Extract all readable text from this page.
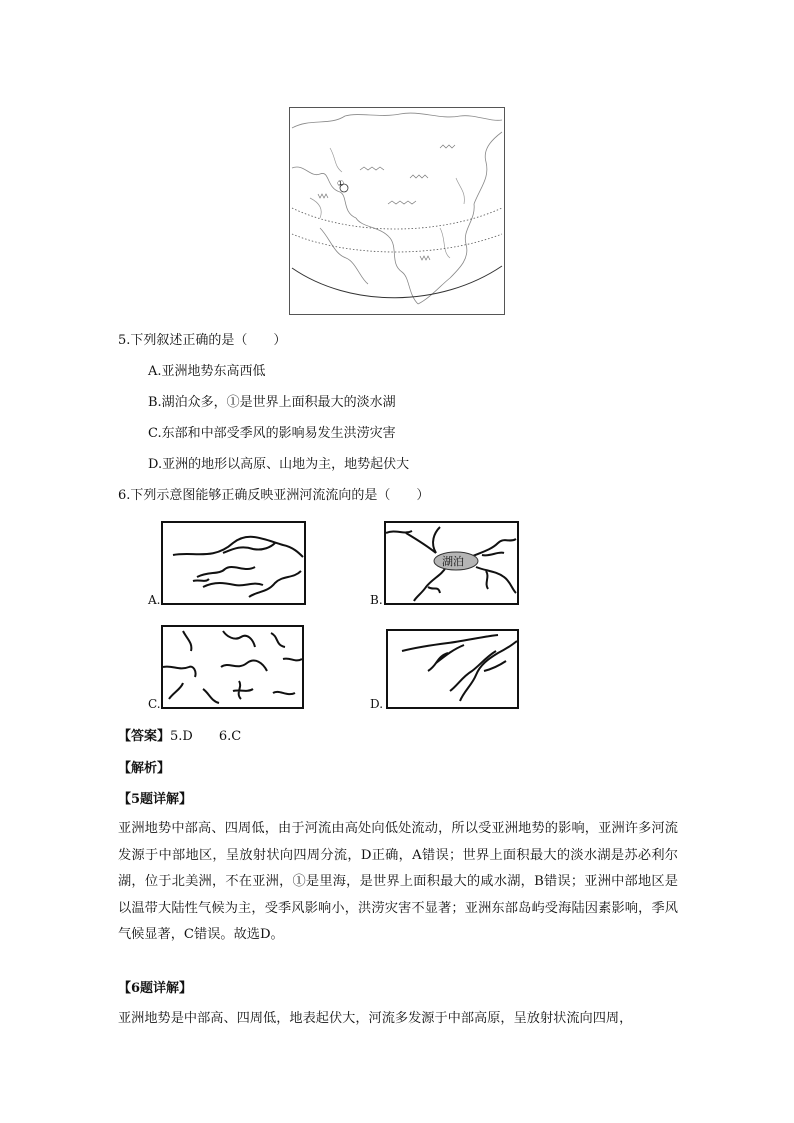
①
5.下列叙述正确的是（　　）
A.亚洲地势东高西低
B.湖泊众多，①是世界上面积最大的淡水湖
C.东部和中部受季风的影响易发生洪涝灾害
D.亚洲的地形以高原、山地为主，地势起伏大
6.下列示意图能够正确反映亚洲河流流向的是（　　）
A.	B.
湖泊
C.	D.
【答案】5.D　　6.C
【解析】
【5题详解】
亚洲地势中部高、四周低，由于河流由高处向低处流动，所以受亚洲地势的影响，亚洲许多河流发源于中部地区，呈放射状向四周分流，D正确，A错误；世界上面积最大的淡水湖是苏必利尔湖，位于北美洲，不在亚洲，①是里海，是世界上面积最大的咸水湖，B错误；亚洲中部地区是以温带大陆性气候为主，受季风影响小，洪涝灾害不显著；亚洲东部岛屿受海陆因素影响，季风气候显著，C错误。故选D。
【6题详解】
亚洲地势是中部高、四周低，地表起伏大，河流多发源于中部高原，呈放射状流向四周，
